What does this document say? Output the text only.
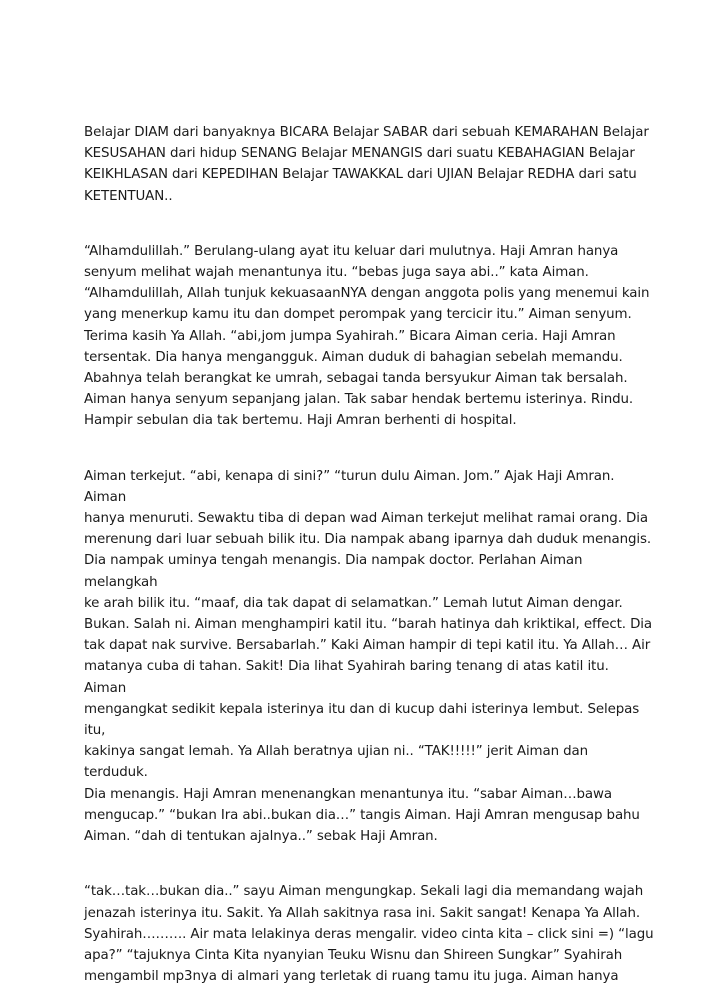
Belajar DIAM dari banyaknya BICARA Belajar SABAR dari sebuah KEMARAHAN Belajar
KESUSAHAN dari hidup SENANG Belajar MENANGIS dari suatu KEBAHAGIAN Belajar
KEIKHLASAN dari KEPEDIHAN Belajar TAWAKKAL dari UJIAN Belajar REDHA dari satu
KETENTUAN..

“Alhamdulillah.” Berulang-ulang ayat itu keluar dari mulutnya. Haji Amran hanya
senyum melihat wajah menantunya itu. “bebas juga saya abi..” kata Aiman.
“Alhamdulillah, Allah tunjuk kekuasaanNYA dengan anggota polis yang menemui kain
yang menerkup kamu itu dan dompet perompak yang tercicir itu.” Aiman senyum.
Terima kasih Ya Allah. “abi,jom jumpa Syahirah.” Bicara Aiman ceria. Haji Amran
tersentak. Dia hanya mengangguk. Aiman duduk di bahagian sebelah memandu.
Abahnya telah berangkat ke umrah, sebagai tanda bersyukur Aiman tak bersalah.
Aiman hanya senyum sepanjang jalan. Tak sabar hendak bertemu isterinya. Rindu.
Hampir sebulan dia tak bertemu. Haji Amran berhenti di hospital.

Aiman terkejut. “abi, kenapa di sini?” “turun dulu Aiman. Jom.” Ajak Haji Amran. Aiman
hanya menuruti. Sewaktu tiba di depan wad Aiman terkejut melihat ramai orang. Dia
merenung dari luar sebuah bilik itu. Dia nampak abang iparnya dah duduk menangis.
Dia nampak uminya tengah menangis. Dia nampak doctor. Perlahan Aiman melangkah
ke arah bilik itu. “maaf, dia tak dapat di selamatkan.” Lemah lutut Aiman dengar.
Bukan. Salah ni. Aiman menghampiri katil itu. “barah hatinya dah kriktikal, effect. Dia
tak dapat nak survive. Bersabarlah.” Kaki Aiman hampir di tepi katil itu. Ya Allah… Air
matanya cuba di tahan. Sakit! Dia lihat Syahirah baring tenang di atas katil itu. Aiman
mengangkat sedikit kepala isterinya itu dan di kucup dahi isterinya lembut. Selepas itu,
kakinya sangat lemah. Ya Allah beratnya ujian ni.. “TAK!!!!!” jerit Aiman dan terduduk.
Dia menangis. Haji Amran menenangkan menantunya itu. “sabar Aiman…bawa
mengucap.” “bukan Ira abi..bukan dia…” tangis Aiman. Haji Amran mengusap bahu
Aiman. “dah di tentukan ajalnya..” sebak Haji Amran.

“tak…tak…bukan dia..” sayu Aiman mengungkap. Sekali lagi dia memandang wajah
jenazah isterinya itu. Sakit. Ya Allah sakitnya rasa ini. Sakit sangat! Kenapa Ya Allah.
Syahirah………. Air mata lelakinya deras mengalir. video cinta kita – click sini =) “lagu
apa?” “tajuknya Cinta Kita nyanyian Teuku Wisnu dan Shireen Sungkar” Syahirah
mengambil mp3nya di almari yang terletak di ruang tamu itu juga. Aiman hanya
